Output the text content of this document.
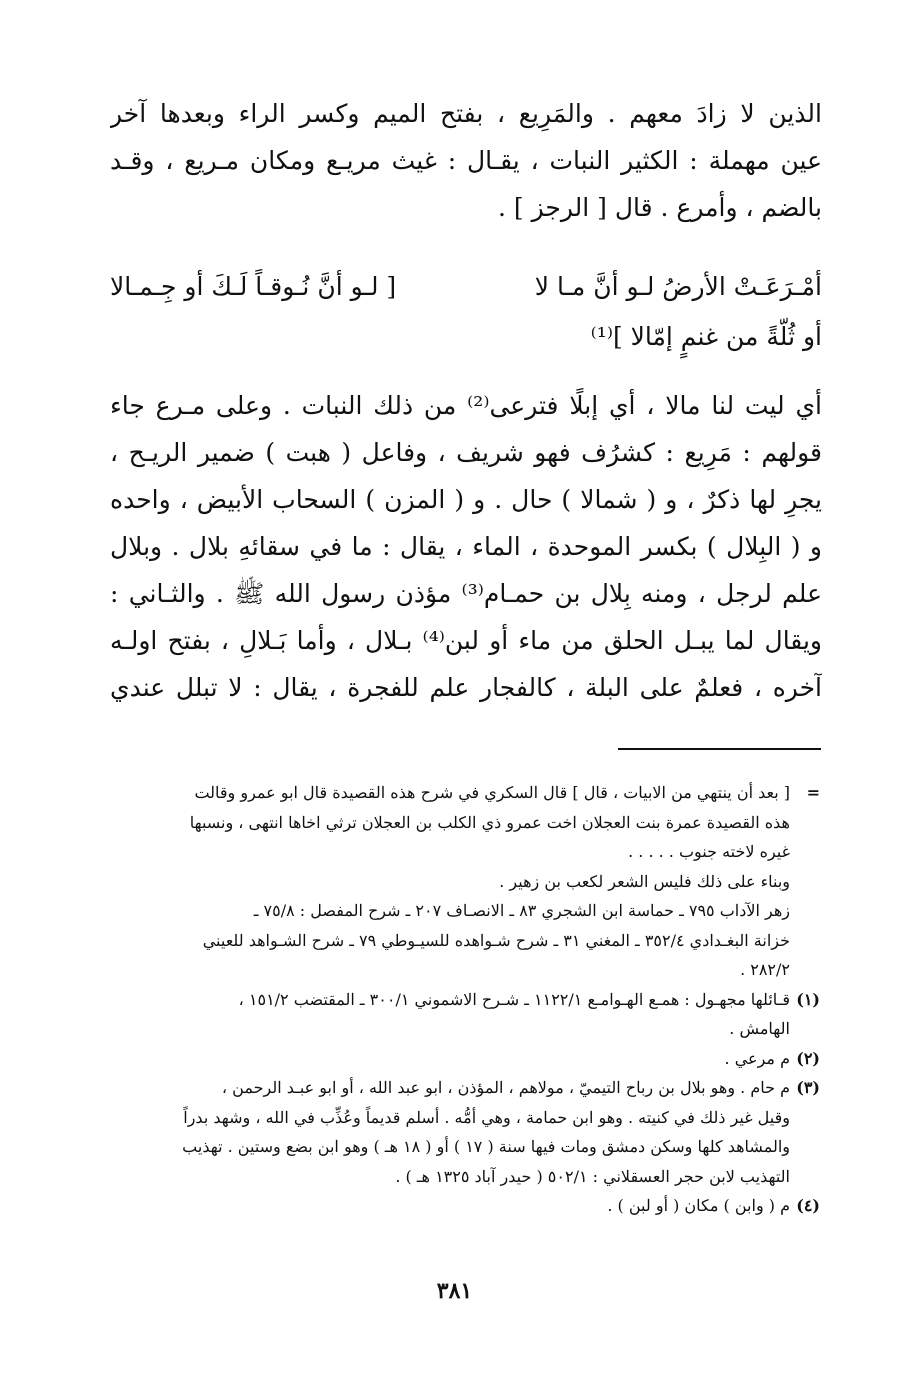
الذين لا زادَ معهم . والمَرِيع ، بفتح الميم وكسر الراء وبعدها آخر
عين مهملة : الكثير النبات ، يقـال : غيث مريـع ومكان مـريع ، وقـد
بالضم ، وأمرع . قال [ الرجز ] .
أمْـرَعَـتْ الأرضُ لـو أنَّ مـا لا
[ لـو أنَّ نُـوقـاً لَـكَ أو جِـمـالا
أو ثُلّةً من غنمٍ إمّالا ]⁽¹⁾
أي ليت لنا مالا ، أي إبلًا فترعى⁽²⁾ من ذلك النبات . وعلى مـرع جاء
قولهم : مَرِيع : كشرُف فهو شريف ، وفاعل ( هبت ) ضمير الريـح ،
يجرِ لها ذكرٌ ، و ( شمالا ) حال . و ( المزن ) السحاب الأبيض ، واحده
و ( البِلال ) بكسر الموحدة ، الماء ، يقال : ما في سقائهِ بلال . وبلال
علم لرجل ، ومنه بِلال بن حمـام⁽³⁾ مؤذن رسول الله ﷺ . والثـاني :
ويقال لما يبـل الحلق من ماء أو لبن⁽⁴⁾ بـلال ، وأما بَـلالِ ، بفتح اولـه
آخره ، فعلمٌ على البلة ، كالفجار علم للفجرة ، يقال : لا تبلل عندي
=
[ بعد أن ينتهي من الابيات ، قال ] قال السكري في شرح هذه القصيدة قال ابو عمرو وقالت
هذه القصيدة عمرة بنت العجلان اخت عمرو ذي الكلب بن العجلان ترثي اخاها انتهى ، ونسبها
غيره لاخته جنوب . . . . .
وبناء على ذلك فليس الشعر لكعب بن زهير .
زهر الآداب ٧٩٥ ـ حماسة ابن الشجري ٨٣ ـ الانصـاف ٢٠٧ ـ شرح المفصل : ٧٥/٨ ـ
خزانة البغـدادي ٣٥٢/٤ ـ المغني ٣١ ـ شرح شـواهده للسيـوطي ٧٩ ـ شرح الشـواهد للعيني
٢٨٢/٢ .
(١)
قـائلها مجهـول : همـع الهـوامـع ١١٢٢/١ ـ شـرح الاشموني ٣٠٠/١ ـ المقتضب ١٥١/٢ ،
الهامش .
(٢)
م مرعي .
(٣)
م حام . وهو بلال بن رباح التيميّ ، مولاهم ، المؤذن ، ابو عبد الله ، أو ابو عبـد الرحمن ،
وقيل غير ذلك في كنيته . وهو ابن حمامة ، وهي أمُّه . أسلم قديماً وعُذِّب في الله ، وشهد بدراً
والمشاهد كلها وسكن دمشق ومات فيها سنة ( ١٧ ) أو ( ١٨ هـ ) وهو ابن بضع وستين . تهذيب
التهذيب لابن حجر العسقلاني : ٥٠٢/١ ( حيدر آباد ١٣٢٥ هـ ) .
(٤)
م ( وابن ) مكان ( أو لبن ) .
٣٨١
